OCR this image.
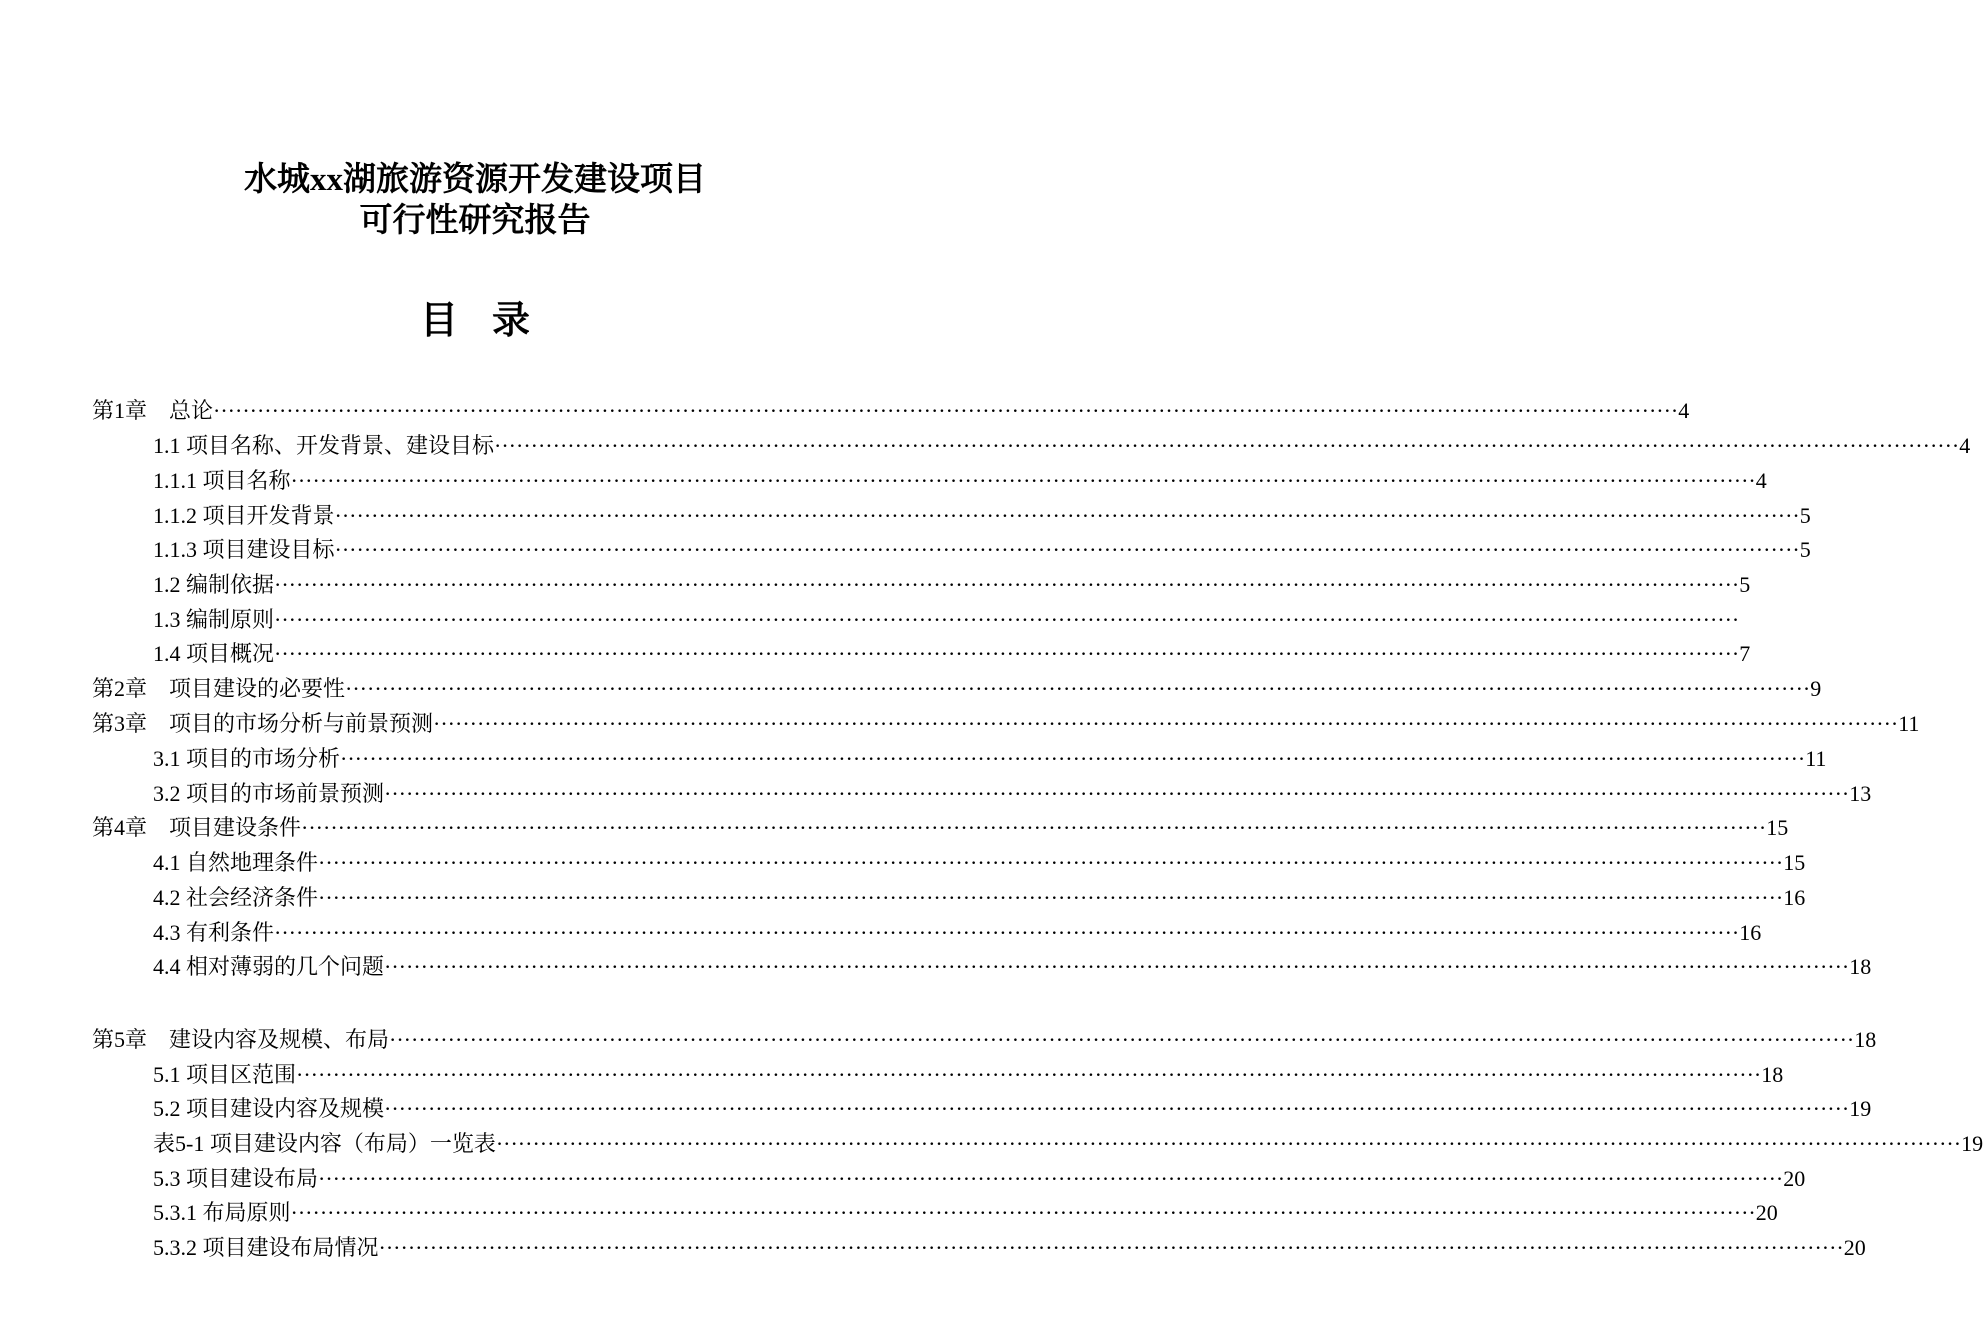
水城xx湖旅游资源开发建设项目
可行性研究报告
目录
第1章　总论 ········································································································································································································ 4
1.1 项目名称、开发背景、建设目标 ········································································································································································································ 4
1.1.1 项目名称 ········································································································································································································ 4
1.1.2 项目开发背景 ········································································································································································································ 5
1.1.3 项目建设目标 ········································································································································································································ 5
1.2 编制依据 ········································································································································································································ 5
1.3 编制原则 ········································································································································································································
1.4 项目概况 ········································································································································································································ 7
第2章　项目建设的必要性 ········································································································································································································ 9
第3章　项目的市场分析与前景预测 ········································································································································································································ 11
3.1 项目的市场分析 ········································································································································································································ 11
3.2 项目的市场前景预测 ········································································································································································································ 13
第4章　项目建设条件 ········································································································································································································ 15
4.1 自然地理条件 ········································································································································································································ 15
4.2 社会经济条件 ········································································································································································································ 16
4.3 有利条件 ········································································································································································································ 16
4.4 相对薄弱的几个问题 ········································································································································································································ 18
第5章　建设内容及规模、布局 ········································································································································································································ 18
5.1 项目区范围 ········································································································································································································ 18
5.2 项目建设内容及规模 ········································································································································································································ 19
表5-1 项目建设内容（布局）一览表 ········································································································································································································ 19
5.3 项目建设布局 ········································································································································································································ 20
5.3.1 布局原则 ········································································································································································································ 20
5.3.2 项目建设布局情况 ········································································································································································································ 20
